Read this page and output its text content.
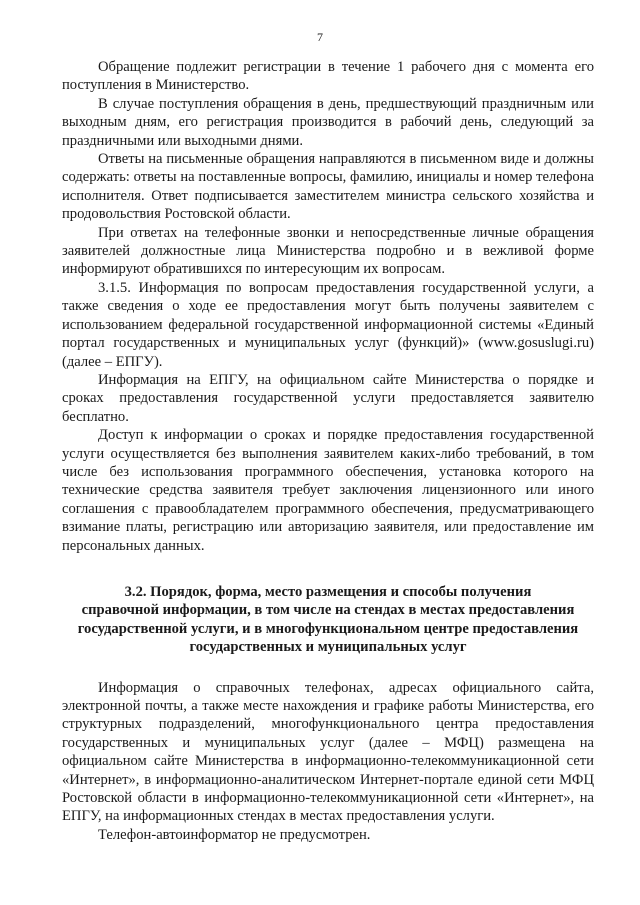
7

Обращение подлежит регистрации в течение 1 рабочего дня с момента его поступления в Министерство.

В случае поступления обращения в день, предшествующий праздничным или выходным дням, его регистрация производится в рабочий день, следующий за праздничными или выходными днями.

Ответы на письменные обращения направляются в письменном виде и должны содержать: ответы на поставленные вопросы, фамилию, инициалы и номер телефона исполнителя. Ответ подписывается заместителем министра сельского хозяйства и продовольствия Ростовской области.

При ответах на телефонные звонки и непосредственные личные обращения заявителей должностные лица Министерства подробно и в вежливой форме информируют обратившихся по интересующим их вопросам.

3.1.5. Информация по вопросам предоставления государственной услуги, а также сведения о ходе ее предоставления могут быть получены заявителем с использованием федеральной государственной информационной системы «Единый портал государственных и муниципальных услуг (функций)» (www.gosuslugi.ru) (далее – ЕПГУ).

Информация на ЕПГУ, на официальном сайте Министерства о порядке и сроках предоставления государственной услуги предоставляется заявителю бесплатно.

Доступ к информации о сроках и порядке предоставления государственной услуги осуществляется без выполнения заявителем каких-либо требований, в том числе без использования программного обеспечения, установка которого на технические средства заявителя требует заключения лицензионного или иного соглашения с правообладателем программного обеспечения, предусматривающего взимание платы, регистрацию или авторизацию заявителя, или предоставление им персональных данных.

3.2. Порядок, форма, место размещения и способы получения

справочной информации, в том числе на стендах в местах предоставления

государственной услуги, и в многофункциональном центре предоставления

государственных и муниципальных услуг

Информация о справочных телефонах, адресах официального сайта, электронной почты, а также месте нахождения и графике работы Министерства, его структурных подразделений, многофункционального центра предоставления государственных и муниципальных услуг (далее – МФЦ) размещена на официальном сайте Министерства в информационно-телекоммуникационной сети «Интернет», в информационно-аналитическом Интернет-портале единой сети МФЦ Ростовской области в информационно-телекоммуникационной сети «Интернет», на ЕПГУ, на информационных стендах в местах предоставления услуги.

Телефон-автоинформатор не предусмотрен.
